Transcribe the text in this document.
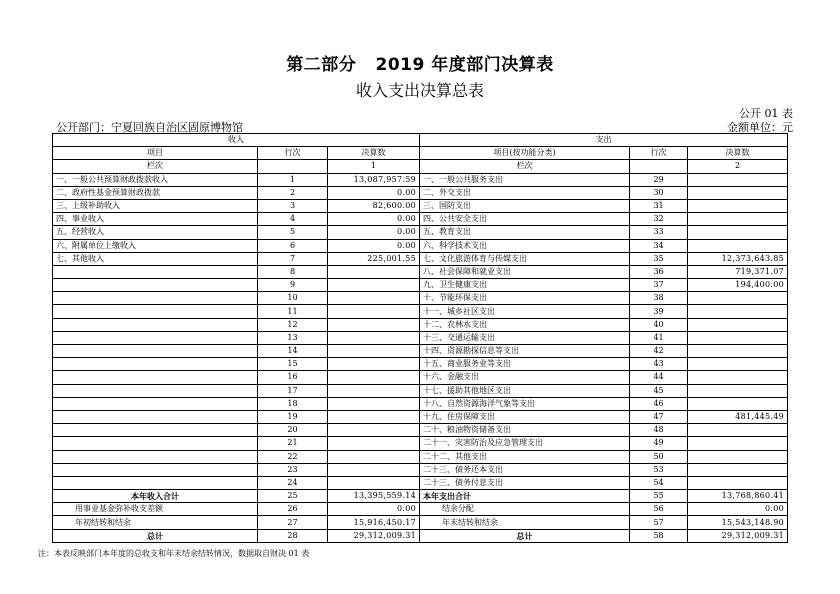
第二部分   2019 年度部门决算表
收入支出决算总表
公开 01 表
公开部门：宁夏回族自治区固原博物馆	金额单位：元
收入			支出		
项目	行次	决算数	项目(按功能分类)	行次	决算数
栏次		1	栏次		2
一、一般公共预算财政拨款收入	1	13,087,957.59	一、一般公共服务支出	29	
二、政府性基金预算财政拨款	2	0.00	二、外交支出	30	
三、上级补助收入	3	82,600.00	三、国防支出	31	
四、事业收入	4	0.00	四、公共安全支出	32	
五、经营收入	5	0.00	五、教育支出	33	
六、附属单位上缴收入	6	0.00	六、科学技术支出	34	
七、其他收入	7	225,001.55	七、文化旅游体育与传媒支出	35	12,373,643.85
	8		八、社会保障和就业支出	36	719,371.07
	9		九、卫生健康支出	37	194,400.00
	10		十、节能环保支出	38	
	11		十一、城乡社区支出	39	
	12		十二、农林水支出	40	
	13		十三、交通运输支出	41	
	14		十四、资源勘探信息等支出	42	
	15		十五、商业服务业等支出	43	
	16		十六、金融支出	44	
	17		十七、援助其他地区支出	45	
	18		十八、自然资源海洋气象等支出	46	
	19		十九、住房保障支出	47	481,445.49
	20		二十、粮油物资储备支出	48	
	21		二十一、灾害防治及应急管理支出	49	
	22		二十二、其他支出	50	
	23		二十三、债务还本支出	53	
	24		二十三、债务付息支出	54	
本年收入合计	25	13,395,559.14	本年支出合计	55	13,768,860.41
用事业基金弥补收支差额	26	0.00	结余分配	56	0.00
年初结转和结余	27	15,916,450.17	年末结转和结余	57	15,543,148.90
总计	28	29,312,009.31	总计	58	29,312,009.31
注：本表反映部门本年度的总收支和年末结余结转情况，数据取自财决 01 表
